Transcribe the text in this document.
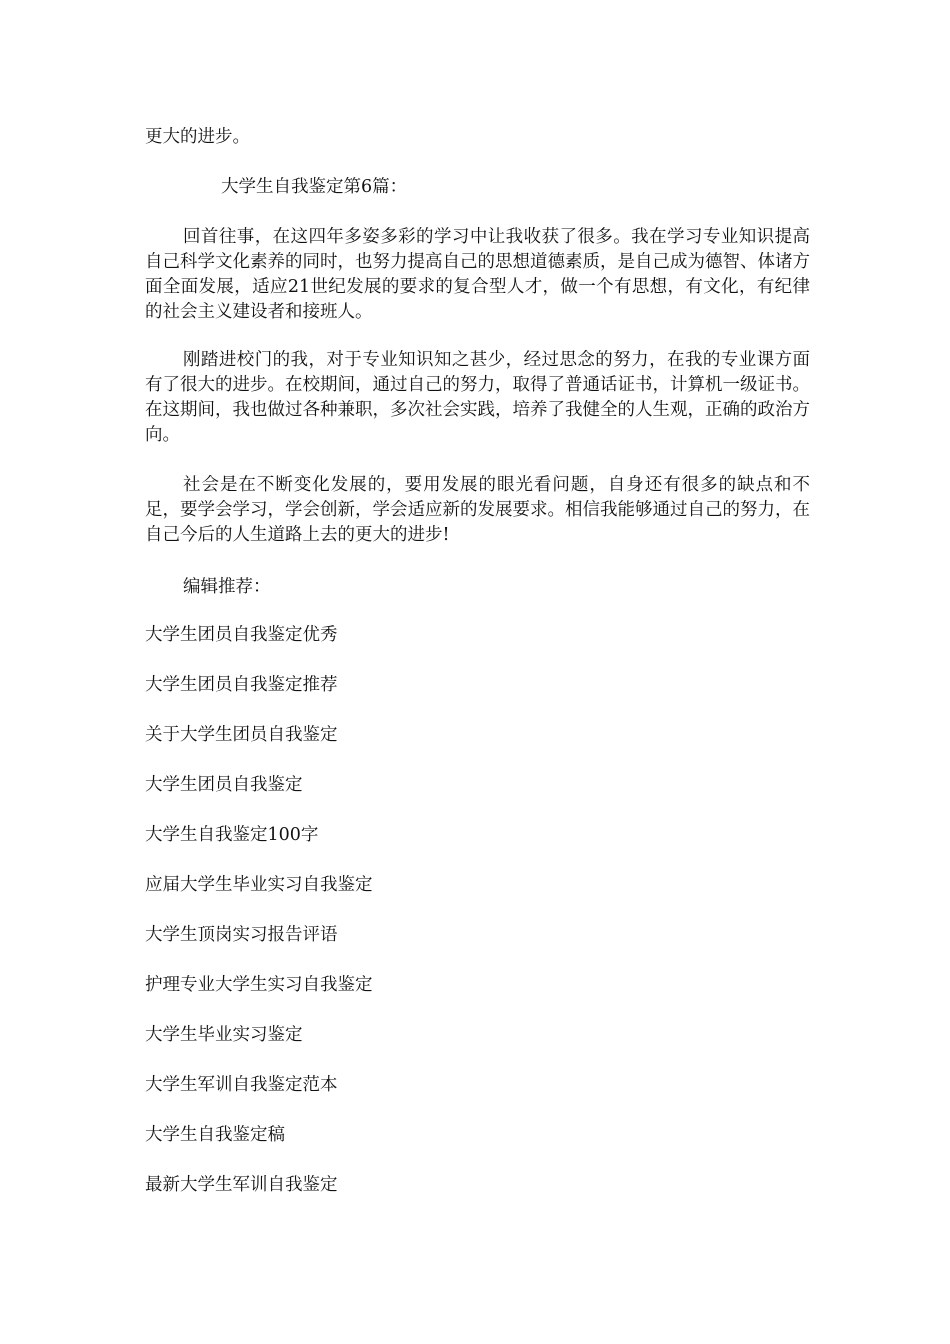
更大的进步。

大学生自我鉴定第6篇：

回首往事，在这四年多姿多彩的学习中让我收获了很多。我在学习专业知识提高自己科学文化素养的同时，也努力提高自己的思想道德素质，是自己成为德智、体诸方面全面发展，适应21世纪发展的要求的复合型人才，做一个有思想，有文化，有纪律的社会主义建设者和接班人。

刚踏进校门的我，对于专业知识知之甚少，经过思念的努力，在我的专业课方面有了很大的进步。在校期间，通过自己的努力，取得了普通话证书，计算机一级证书。在这期间，我也做过各种兼职，多次社会实践，培养了我健全的人生观，正确的政治方向。

社会是在不断变化发展的，要用发展的眼光看问题，自身还有很多的缺点和不足，要学会学习，学会创新，学会适应新的发展要求。相信我能够通过自己的努力，在自己今后的人生道路上去的更大的进步!

编辑推荐：

大学生团员自我鉴定优秀
大学生团员自我鉴定推荐
关于大学生团员自我鉴定
大学生团员自我鉴定
大学生自我鉴定100字
应届大学生毕业实习自我鉴定
大学生顶岗实习报告评语
护理专业大学生实习自我鉴定
大学生毕业实习鉴定
大学生军训自我鉴定范本
大学生自我鉴定稿
最新大学生军训自我鉴定
